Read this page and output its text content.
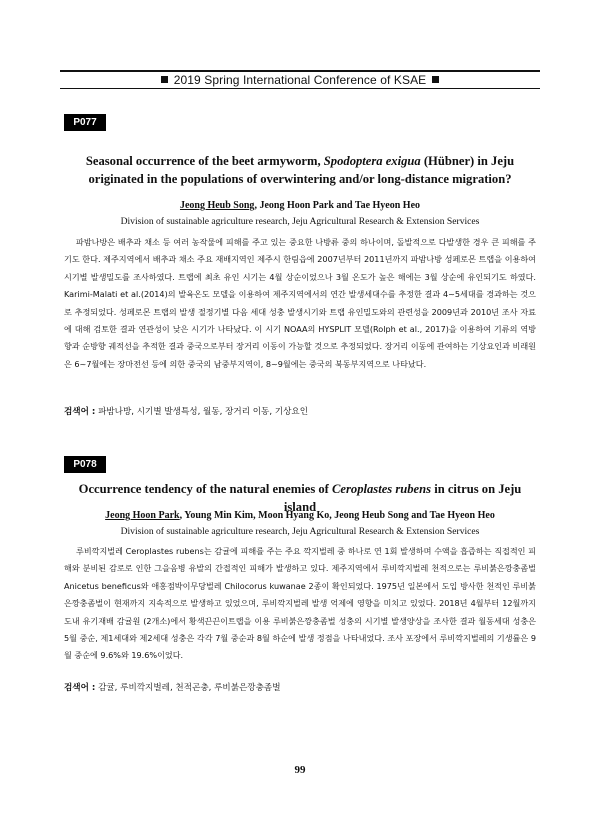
2019 Spring International Conference of KSAE
P077
Seasonal occurrence of the beet armyworm, Spodoptera exigua (Hübner) in Jeju originated in the populations of overwintering and/or long-distance migration?
Jeong Heub Song, Jeong Hoon Park and Tae Hyeon Heo
Division of sustainable agriculture research, Jeju Agricultural Research & Extension Services

파밤나방은 배추과 채소 등 여러 농작물에 피해를 주고 있는 중요한 나방류 중의 하나이며, 돌발적으로 다발생한 경우 큰 피해를 주기도 한다. 제주지역에서 배추과 채소 주요 재배지역인 제주시 한림읍에 2007년부터 2011년까지 파밤나방 성페로몬 트랩을 이용하여 시기별 발생밀도를 조사하였다. 트랩에 최초 유인 시기는 4월 상순이었으나 3월 온도가 높은 해에는 3월 상순에 유인되기도 하였다. Karimi-Malati et al.(2014)의 발육온도 모델을 이용하여 제주지역에서의 연간 발생세대수를 추정한 결과 4~5세대를 경과하는 것으로 추정되었다. 성페로몬 트랩의 발생 절정기별 다음 세대 성충 발생시기와 트랩 유인밀도와의 관련성을 2009년과 2010년 조사 자료에 대해 검토한 결과 연관성이 낮은 시기가 나타났다. 이 시기 NOAA의 HYSPLIT 모델(Rolph et al., 2017)을 이용하여 기류의 역방향과 순방향 궤적선을 추적한 결과 중국으로부터 장거리 이동이 가능할 것으로 추정되었다. 장거리 이동에 관여하는 기상요인과 비래원은 6~7월에는 장마전선 등에 의한 중국의 남중부지역이, 8~9월에는 중국의 북동부지역으로 나타났다.

검색어 : 파밤나방, 시기별 발생특성, 월동, 장거리 이동, 기상요인
P078
Occurrence tendency of the natural enemies of Ceroplastes rubens in citrus on Jeju island
Jeong Hoon Park, Young Min Kim, Moon Hyang Ko, Jeong Heub Song and Tae Hyeon Heo
Division of sustainable agriculture research, Jeju Agricultural Research & Extension Services

루비깍지벌레 Ceroplastes rubens는 감귤에 피해를 주는 주요 깍지벌레 중 하나로 연 1회 발생하며 수액을 흡즙하는 직접적인 피해와 분비된 감로로 인한 그을음병 유발의 간접적인 피해가 발생하고 있다. 제주지역에서 루비깍지벌레 천적으로는 루비붉은깡충좀벌 Anicetus beneficus와 애홍점박이무당벌레 Chilocorus kuwanae 2종이 확인되었다. 1975년 일본에서 도입 방사한 천적인 루비붉은깡충좀벌이 현재까지 지속적으로 발생하고 있었으며, 루비깍지벌레 발생 억제에 영향을 미치고 있었다. 2018년 4월부터 12월까지 도내 유기재배 감귤원 (2개소)에서 황색끈끈이트랩을 이용 루비붉은깡충좀벌 성충의 시기별 발생양상을 조사한 결과 월동세대 성충은 5월 중순, 제1세대와 제2세대 성충은 각각 7월 중순과 8월 하순에 발생 정점을 나타내었다. 조사 포장에서 루비깍지벌레의 기생률은 9월 중순에 9.6%와 19.6%이었다.

검색어 : 감귤, 루비깍지벌레, 천적곤충, 루비붉은깡충좀벌
99
